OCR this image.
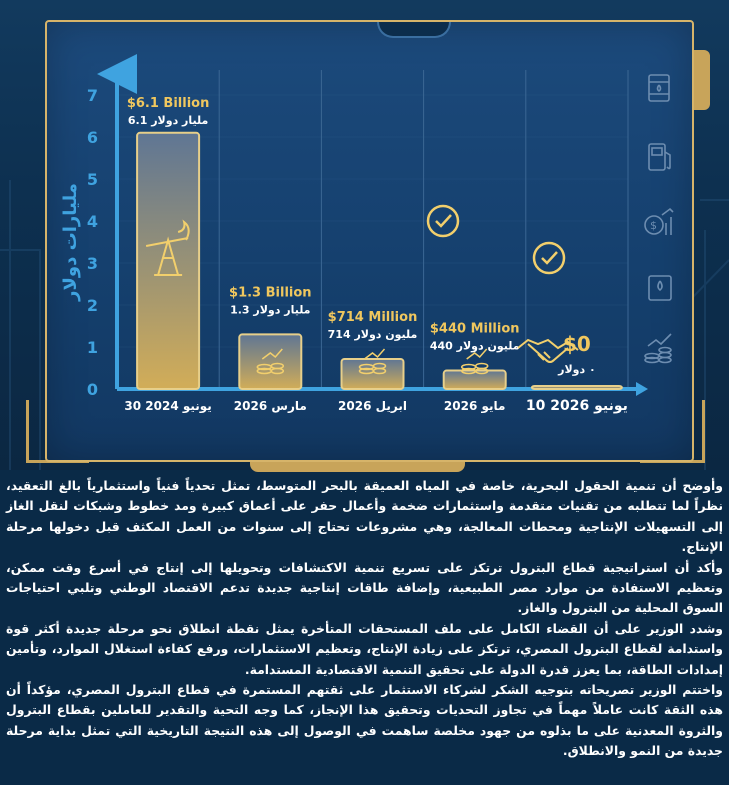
0
1
2
3
4
5
6
7
مليارات دولار
30 يونيو 2024
$6.1 Billion
6.1 مليار دولار
مارس 2026
$1.3 Billion
1.3 مليار دولار
ابريل 2026
$714 Million
714 مليون دولار
مايو 2026
$440 Million
440 مليون دولار
10 يونيو 2026
$0
٠ دولار
$

وأوضح أن تنمية الحقول البحرية، خاصة في المياه العميقة بالبحر المتوسط، تمثل تحدياً فنياً واستثمارياً بالغ التعقيد، نظراً لما تتطلبه من تقنيات متقدمة واستثمارات ضخمة وأعمال حفر على أعماق كبيرة ومد خطوط وشبكات لنقل الغاز إلى التسهيلات الإنتاجية ومحطات المعالجة، وهي مشروعات تحتاج إلى سنوات من العمل المكثف قبل دخولها مرحلة الإنتاج.

وأكد أن استراتيجية قطاع البترول ترتكز على تسريع تنمية الاكتشافات وتحويلها إلى إنتاج في أسرع وقت ممكن، وتعظيم الاستفادة من موارد مصر الطبيعية، وإضافة طاقات إنتاجية جديدة تدعم الاقتصاد الوطني وتلبي احتياجات السوق المحلية من البترول والغاز.

وشدد الوزير على أن القضاء الكامل على ملف المستحقات المتأخرة يمثل نقطة انطلاق نحو مرحلة جديدة أكثر قوة واستدامة لقطاع البترول المصري، ترتكز على زيادة الإنتاج، وتعظيم الاستثمارات، ورفع كفاءة استغلال الموارد، وتأمين إمدادات الطاقة، بما يعزز قدرة الدولة على تحقيق التنمية الاقتصادية المستدامة.

واختتم الوزير تصريحاته بتوجيه الشكر لشركاء الاستثمار على ثقتهم المستمرة في قطاع البترول المصري، مؤكداً أن هذه الثقة كانت عاملاً مهماً في تجاوز التحديات وتحقيق هذا الإنجاز، كما وجه التحية والتقدير للعاملين بقطاع البترول والثروة المعدنية على ما بذلوه من جهود مخلصة ساهمت في الوصول إلى هذه النتيجة التاريخية التي تمثل بداية مرحلة جديدة من النمو والانطلاق.
